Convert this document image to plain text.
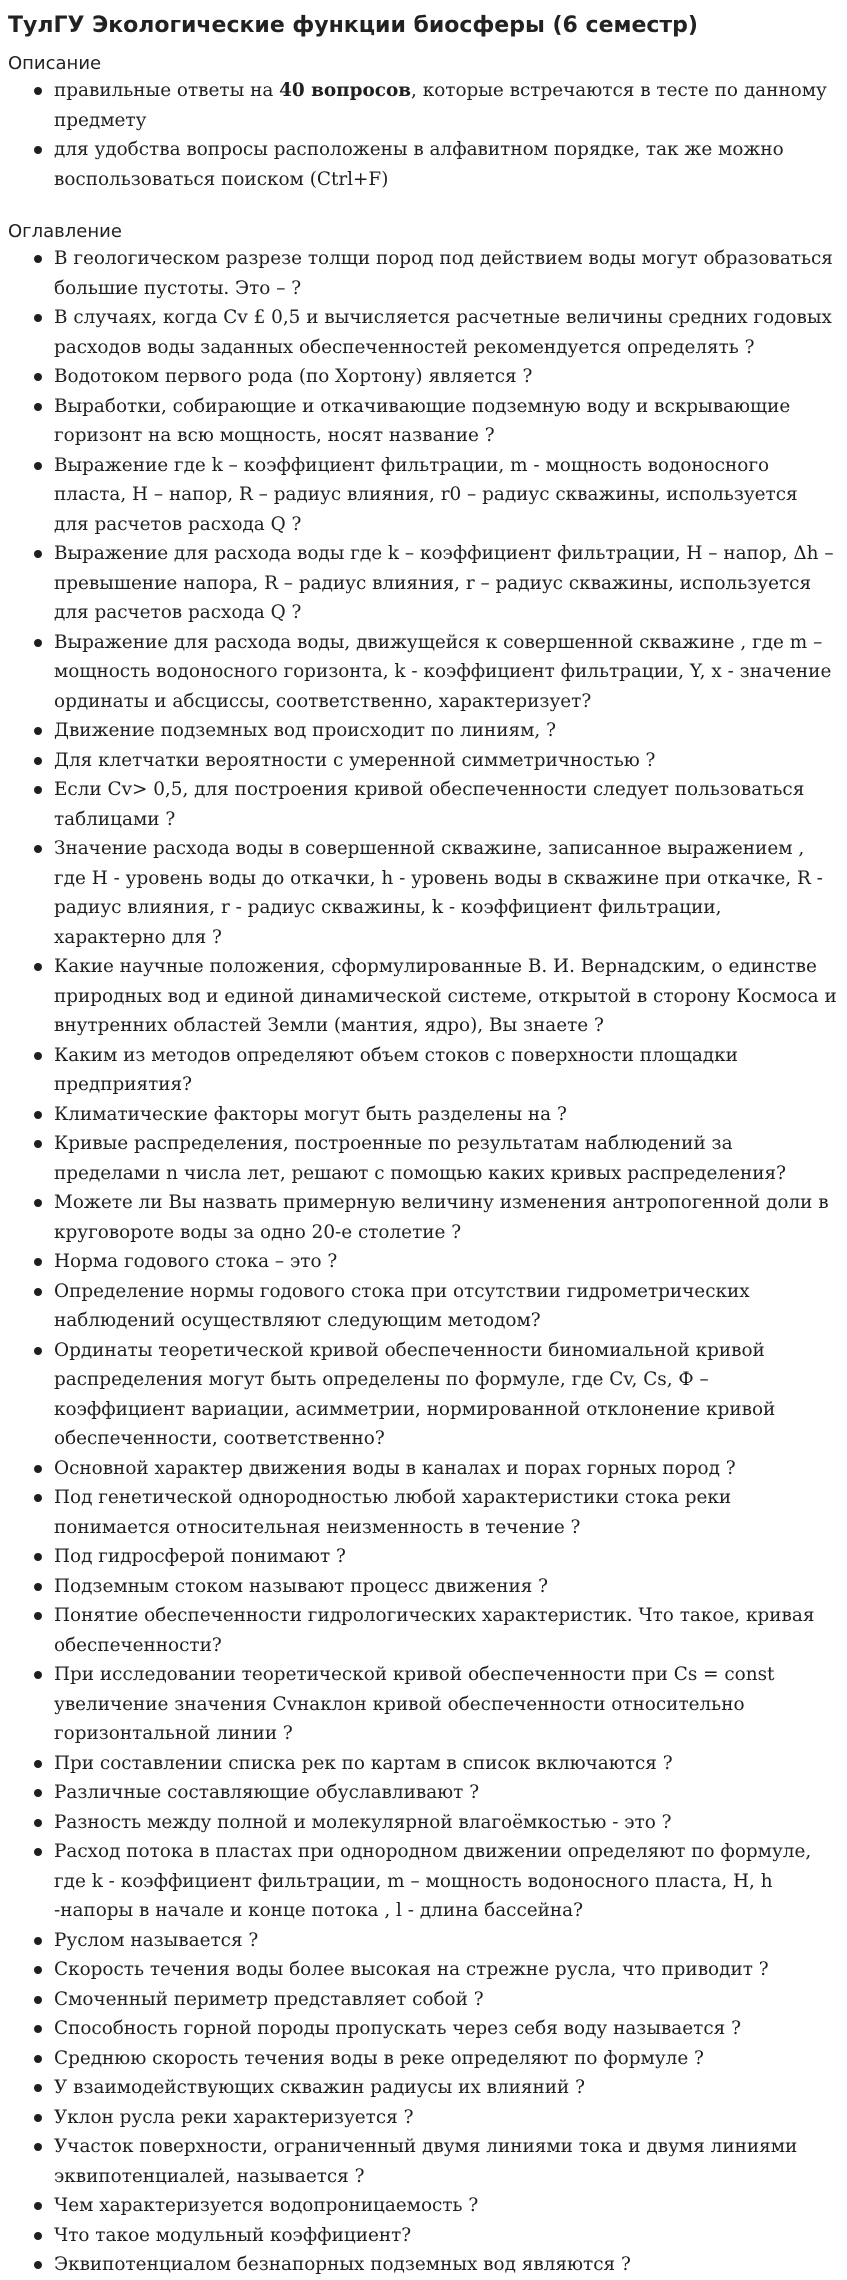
ТулГУ Экологические функции биосферы (6 семестр)
Описание
правильные ответы на 40 вопросов, которые встречаются в тесте по данному предмету
для удобства вопросы расположены в алфавитном порядке, так же можно воспользоваться поиском (Ctrl+F)
Оглавление
В геологическом разрезе толщи пород под действием воды могут образоваться большие пустоты. Это – ?
В случаях, когда Cv £ 0,5 и вычисляется расчетные величины средних годовых расходов воды заданных обеспеченностей рекомендуется определять ?
Водотоком первого рода (по Хортону) является ?
Выработки, собирающие и откачивающие подземную воду и вскрывающие горизонт на всю мощность, носят название ?
Выражение где k – коэффициент фильтрации, m - мощность водоносного пласта, H – напор, R – радиус влияния, r0 – радиус скважины, используется для расчетов расхода Q ?
Выражение для расхода воды где k – коэффициент фильтрации, H – напор, Δh – превышение напора, R – радиус влияния, r – радиус скважины, используется для расчетов расхода Q ?
Выражение для расхода воды, движущейся к совершенной скважине , где m – мощность водоносного горизонта, k - коэффициент фильтрации, Y, x - значение ординаты и абсциссы, соответственно, характеризует?
Движение подземных вод происходит по линиям, ?
Для клетчатки вероятности с умеренной симметричностью ?
Если Cv> 0,5, для построения кривой обеспеченности следует пользоваться таблицами ?
Значение расхода воды в совершенной скважине, записанное выражением , где H - уровень воды до откачки, h - уровень воды в скважине при откачке, R - радиус влияния, r - радиус скважины, k - коэффициент фильтрации, характерно для ?
Какие научные положения, сформулированные В. И. Вернадским, о единстве природных вод и единой динамической системе, открытой в сторону Космоса и внутренних областей Земли (мантия, ядро), Вы знаете ?
Каким из методов определяют объем стоков с поверхности площадки предприятия?
Климатические факторы могут быть разделены на ?
Кривые распределения, построенные по результатам наблюдений за пределами n числа лет, решают с помощью каких кривых распределения?
Можете ли Вы назвать примерную величину изменения антропогенной доли в круговороте воды за одно 20-е столетие ?
Норма годового стока – это ?
Определение нормы годового стока при отсутствии гидрометрических наблюдений осуществляют следующим методом?
Ординаты теоретической кривой обеспеченности биномиальной кривой распределения могут быть определены по формуле, где Cv, Cs, Ф – коэффициент вариации, асимметрии, нормированной отклонение кривой обеспеченности, соответственно?
Основной характер движения воды в каналах и порах горных пород ?
Под генетической однородностью любой характеристики стока реки понимается относительная неизменность в течение ?
Под гидросферой понимают ?
Подземным стоком называют процесс движения ?
Понятие обеспеченности гидрологических характеристик. Что такое, кривая обеспеченности?
При исследовании теоретической кривой обеспеченности при Cs = const увеличение значения Cvнаклон кривой обеспеченности относительно горизонтальной линии ?
При составлении списка рек по картам в список включаются ?
Различные составляющие обуславливают ?
Разность между полной и молекулярной влагоёмкостью - это ?
Расход потока в пластах при однородном движении определяют по формуле, где k - коэффициент фильтрации, m – мощность водоносного пласта, H, h -напоры в начале и конце потока , l - длина бассейна?
Руслом называется ?
Скорость течения воды более высокая на стрежне русла, что приводит ?
Смоченный периметр представляет собой ?
Способность горной породы пропускать через себя воду называется ?
Среднюю скорость течения воды в реке определяют по формуле ?
У взаимодействующих скважин радиусы их влияний ?
Уклон русла реки характеризуется ?
Участок поверхности, ограниченный двумя линиями тока и двумя линиями эквипотенциалей, называется ?
Чем характеризуется водопроницаемость ?
Что такое модульный коэффициент?
Эквипотенциалом безнапорных подземных вод являются ?
